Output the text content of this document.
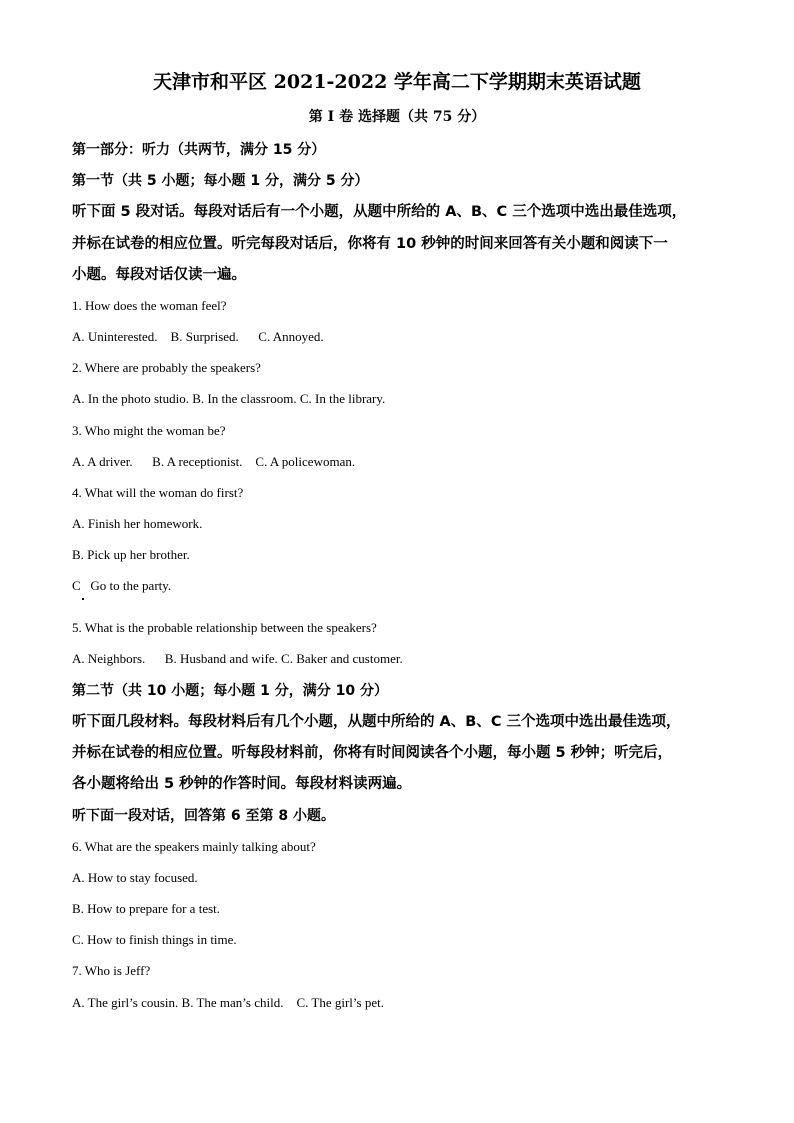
天津市和平区 2021-2022 学年高二下学期期末英语试题
第 I 卷 选择题（共 75 分）
第一部分：听力（共两节，满分 15 分）
第一节（共 5 小题；每小题 1 分，满分 5 分）
听下面 5 段对话。每段对话后有一个小题，从题中所给的 A、B、C 三个选项中选出最佳选项，
并标在试卷的相应位置。听完每段对话后，你将有 10 秒钟的时间来回答有关小题和阅读下一
小题。每段对话仅读一遍。
1. How does the woman feel?
A. Uninterested.    B. Surprised.      C. Annoyed.
2. Where are probably the speakers?
A. In the photo studio. B. In the classroom. C. In the library.
3. Who might the woman be?
A. A driver.      B. A receptionist.    C. A policewoman.
4. What will the woman do first?
A. Finish her homework.
B. Pick up her brother.
C   Go to the party.
5. What is the probable relationship between the speakers?
A. Neighbors.      B. Husband and wife. C. Baker and customer.
第二节（共 10 小题；每小题 1 分，满分 10 分）
听下面几段材料。每段材料后有几个小题，从题中所给的 A、B、C 三个选项中选出最佳选项，
并标在试卷的相应位置。听每段材料前，你将有时间阅读各个小题，每小题 5 秒钟；听完后，
各小题将给出 5 秒钟的作答时间。每段材料读两遍。
听下面一段对话，回答第 6 至第 8 小题。
6. What are the speakers mainly talking about?
A. How to stay focused.
B. How to prepare for a test.
C. How to finish things in time.
7. Who is Jeff?
A. The girl’s cousin. B. The man’s child.    C. The girl’s pet.
